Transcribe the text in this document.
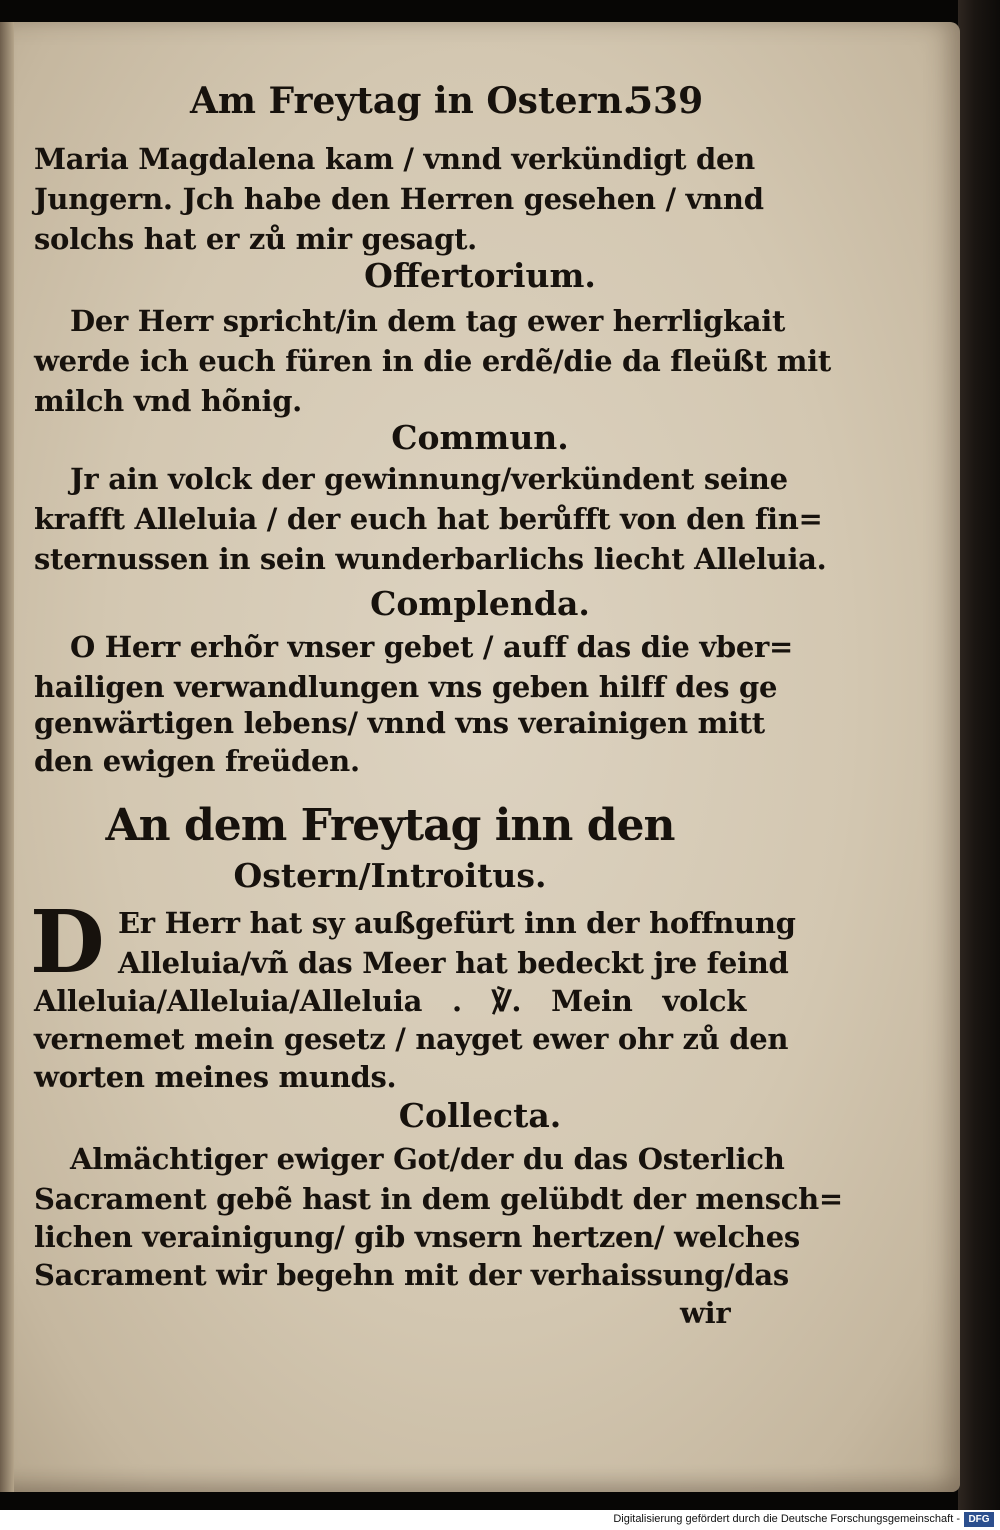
Am Freytag in Ostern.
539
Maria Magdalena kam / vnnd verkündigt den
Jungern. Jch habe den Herren gesehen / vnnd
solchs hat er zů mir gesagt.
Offertorium.
Der Herr spricht/in dem tag ewer herrligkait
werde ich euch füren in die erdẽ/die da fleüßt mit
milch vnd hõnig.
Commun.
Jr ain volck der gewinnung/verkündent seine
krafft Alleluia / der euch hat berůfft von den fin=
sternussen in sein wunderbarlichs liecht Alleluia.
Complenda.
O Herr erhõr vnser gebet / auff das die vber=
hailigen verwandlungen vns geben hilff des ge
genwärtigen lebens/ vnnd vns verainigen mitt
den ewigen freüden.
An dem Freytag inn den
Ostern/Introitus.
D Er Herr hat sy außgefürt inn der hoffnung
Alleluia/vñ das Meer hat bedeckt jre feind
Alleluia/Alleluia/Alleluia . ℣. Mein volck
vernemet mein gesetz / nayget ewer ohr zů den
worten meines munds.
Collecta.
Almächtiger ewiger Got/der du das Osterlich
Sacrament gebẽ hast in dem gelübdt der mensch=
lichen verainigung/ gib vnsern hertzen/ welches
Sacrament wir begehn mit der verhaissung/das
wir
Digitalisierung gefördert durch die Deutsche Forschungsgemeinschaft - DFG
